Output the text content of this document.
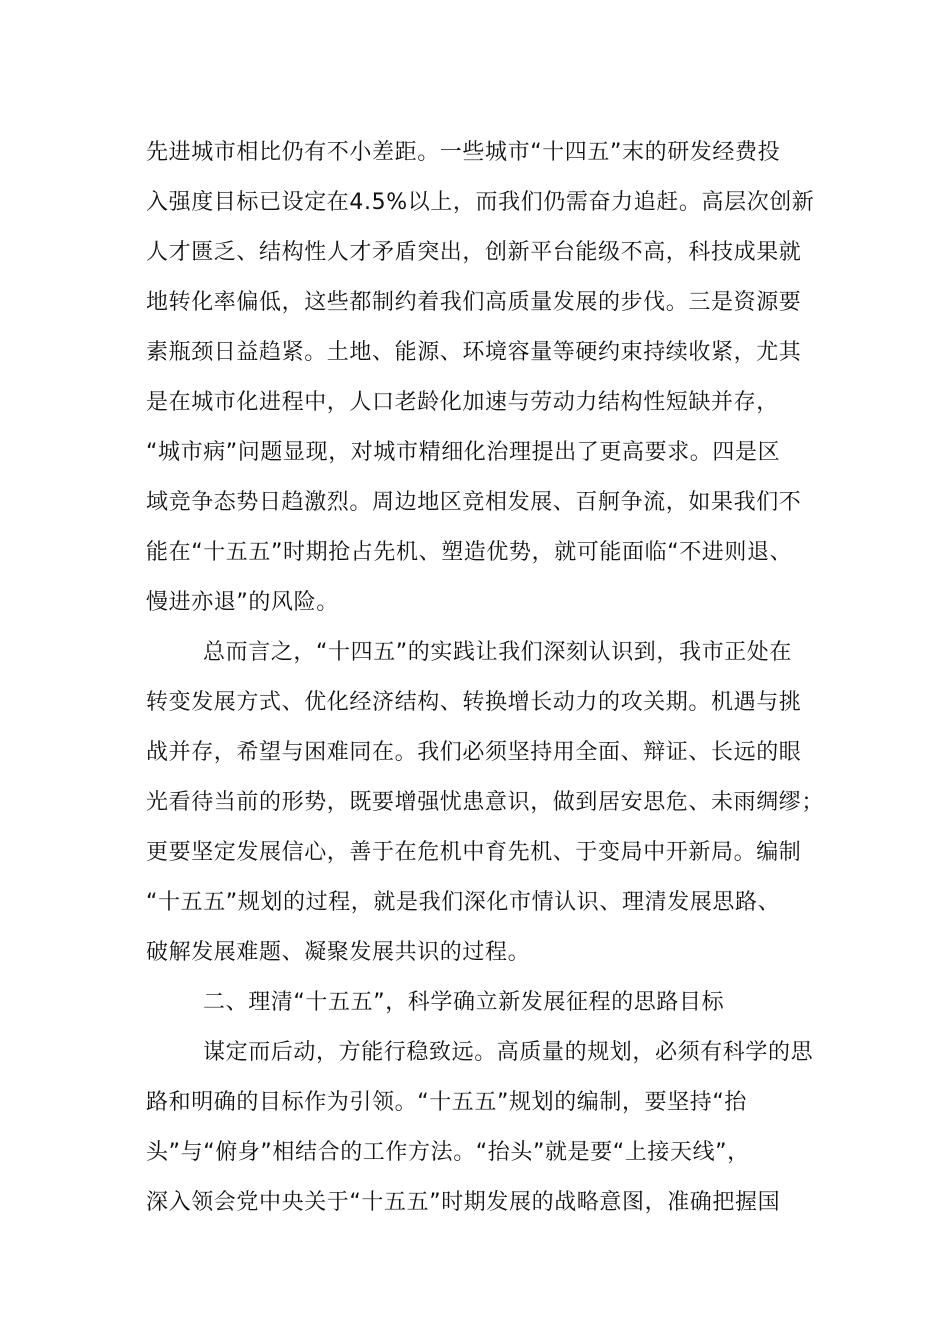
先进城市相比仍有不小差距。一些城市“十四五”末的研发经费投
入强度目标已设定在4.5%以上，而我们仍需奋力追赶。高层次创新
人才匮乏、结构性人才矛盾突出，创新平台能级不高，科技成果就
地转化率偏低，这些都制约着我们高质量发展的步伐。三是资源要
素瓶颈日益趋紧。土地、能源、环境容量等硬约束持续收紧，尤其
是在城市化进程中，人口老龄化加速与劳动力结构性短缺并存，
“城市病”问题显现，对城市精细化治理提出了更高要求。四是区
域竞争态势日趋激烈。周边地区竞相发展、百舸争流，如果我们不
能在“十五五”时期抢占先机、塑造优势，就可能面临“不进则退、
慢进亦退”的风险。
总而言之，“十四五”的实践让我们深刻认识到，我市正处在
转变发展方式、优化经济结构、转换增长动力的攻关期。机遇与挑
战并存，希望与困难同在。我们必须坚持用全面、辩证、长远的眼
光看待当前的形势，既要增强忧患意识，做到居安思危、未雨绸缪；
更要坚定发展信心，善于在危机中育先机、于变局中开新局。编制
“十五五”规划的过程，就是我们深化市情认识、理清发展思路、
破解发展难题、凝聚发展共识的过程。
二、理清“十五五”，科学确立新发展征程的思路目标
谋定而后动，方能行稳致远。高质量的规划，必须有科学的思
路和明确的目标作为引领。“十五五”规划的编制，要坚持“抬
头”与“俯身”相结合的工作方法。“抬头”就是要“上接天线”，
深入领会党中央关于“十五五”时期发展的战略意图，准确把握国
